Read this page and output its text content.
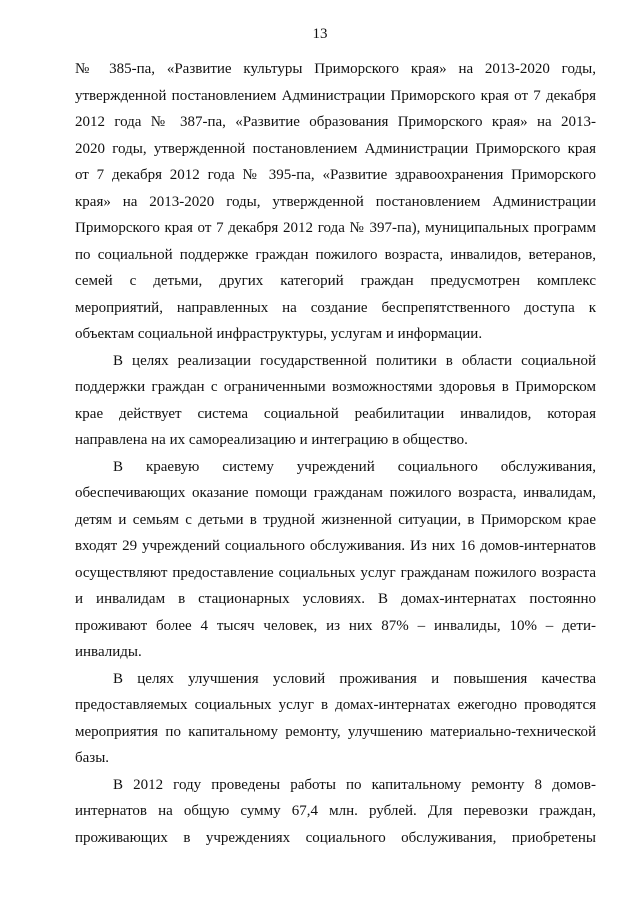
13
№ 385-па, «Развитие культуры Приморского края» на 2013-2020 годы,
утвержденной постановлением Администрации Приморского края от 7 декабря
2012 года № 387-па, «Развитие образования Приморского края» на 2013-
2020 годы, утвержденной постановлением Администрации Приморского края
от 7 декабря 2012 года № 395-па, «Развитие здравоохранения Приморского
края» на 2013-2020 годы, утвержденной постановлением Администрации
Приморского края от 7 декабря 2012 года № 397-па), муниципальных программ
по социальной поддержке граждан пожилого возраста, инвалидов, ветеранов,
семей с детьми, других категорий граждан предусмотрен комплекс
мероприятий, направленных на создание беспрепятственного доступа к
объектам социальной инфраструктуры, услугам и информации.
В целях реализации государственной политики в области социальной
поддержки граждан с ограниченными возможностями здоровья в Приморском
крае действует система социальной реабилитации инвалидов, которая
направлена на их самореализацию и интеграцию в общество.
В краевую систему учреждений социального обслуживания,
обеспечивающих оказание помощи гражданам пожилого возраста, инвалидам,
детям и семьям с детьми в трудной жизненной ситуации, в Приморском крае
входят 29 учреждений социального обслуживания. Из них 16 домов-интернатов
осуществляют предоставление социальных услуг гражданам пожилого возраста
и инвалидам в стационарных условиях. В домах-интернатах постоянно
проживают более 4 тысяч человек, из них 87% – инвалиды, 10% – дети-
инвалиды.
В целях улучшения условий проживания и повышения качества
предоставляемых социальных услуг в домах-интернатах ежегодно проводятся
мероприятия по капитальному ремонту, улучшению материально-технической
базы.
В 2012 году проведены работы по капитальному ремонту 8 домов-
интернатов на общую сумму 67,4 млн. рублей. Для перевозки граждан,
проживающих в учреждениях социального обслуживания, приобретены
